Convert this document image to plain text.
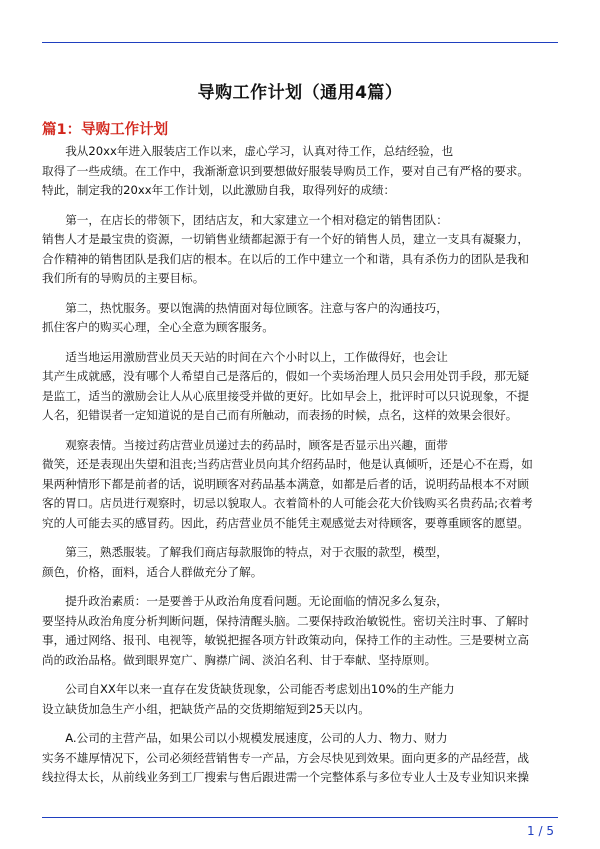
导购工作计划（通用4篇）
篇1：导购工作计划
　　我从20xx年进入服装店工作以来，虚心学习，认真对待工作，总结经验，也
取得了一些成绩。在工作中，我渐渐意识到要想做好服装导购员工作，要对自己有严格的要求。
特此，制定我的20xx年工作计划，以此激励自我，取得列好的成绩：
　　第一，在店长的带领下，团结店友，和大家建立一个相对稳定的销售团队：
销售人才是最宝贵的资源，一切销售业绩都起源于有一个好的销售人员，建立一支具有凝聚力，
合作精神的销售团队是我们店的根本。在以后的工作中建立一个和谐，具有杀伤力的团队是我和
我们所有的导购员的主要目标。
　　第二，热忱服务。要以饱满的热情面对每位顾客。注意与客户的沟通技巧，
抓住客户的购买心理，全心全意为顾客服务。
　　适当地运用激励营业员天天站的时间在六个小时以上，工作做得好，也会让
其产生成就感，没有哪个人希望自己是落后的，假如一个卖场治理人员只会用处罚手段，那无疑
是监工，适当的激励会让人从心底里接受并做的更好。比如早会上，批评时可以只说现象，不提
人名，犯错误者一定知道说的是自己而有所触动，而表扬的时候，点名，这样的效果会很好。
　　观察表情。当接过药店营业员递过去的药品时，顾客是否显示出兴趣，面带
微笑，还是表现出失望和沮丧;当药店营业员向其介绍药品时，他是认真倾听，还是心不在焉，如
果两种情形下都是前者的话，说明顾客对药品基本满意，如都是后者的话，说明药品根本不对顾
客的胃口。店员进行观察时，切忌以貌取人。衣着简朴的人可能会花大价钱购买名贵药品;衣着考
究的人可能去买的感冒药。因此，药店营业员不能凭主观感觉去对待顾客，要尊重顾客的愿望。
　　第三，熟悉服装。了解我们商店每款服饰的特点，对于衣服的款型，模型，
颜色，价格，面料，适合人群做充分了解。
　　提升政治素质：一是要善于从政治角度看问题。无论面临的情况多么复杂，
要坚持从政治角度分析判断问题，保持清醒头脑。二要保持政治敏锐性。密切关注时事、了解时
事，通过网络、报刊、电视等，敏锐把握各项方针政策动向，保持工作的主动性。三是要树立高
尚的政治品格。做到眼界宽广、胸襟广阔、淡泊名利、甘于奉献、坚持原则。
　　公司自XX年以来一直存在发货缺货现象，公司能否考虑划出10%的生产能力
设立缺货加急生产小组，把缺货产品的交货期缩短到25天以内。
　　A.公司的主营产品，如果公司以小规模发展速度，公司的人力、物力、财力
实务不雄厚情况下，公司必须经营销售专一产品，方会尽快见到效果。面向更多的产品经营，战
线拉得太长，从前线业务到工厂搜索与售后跟进需一个完整体系与多位专业人士及专业知识来操
1 / 5
